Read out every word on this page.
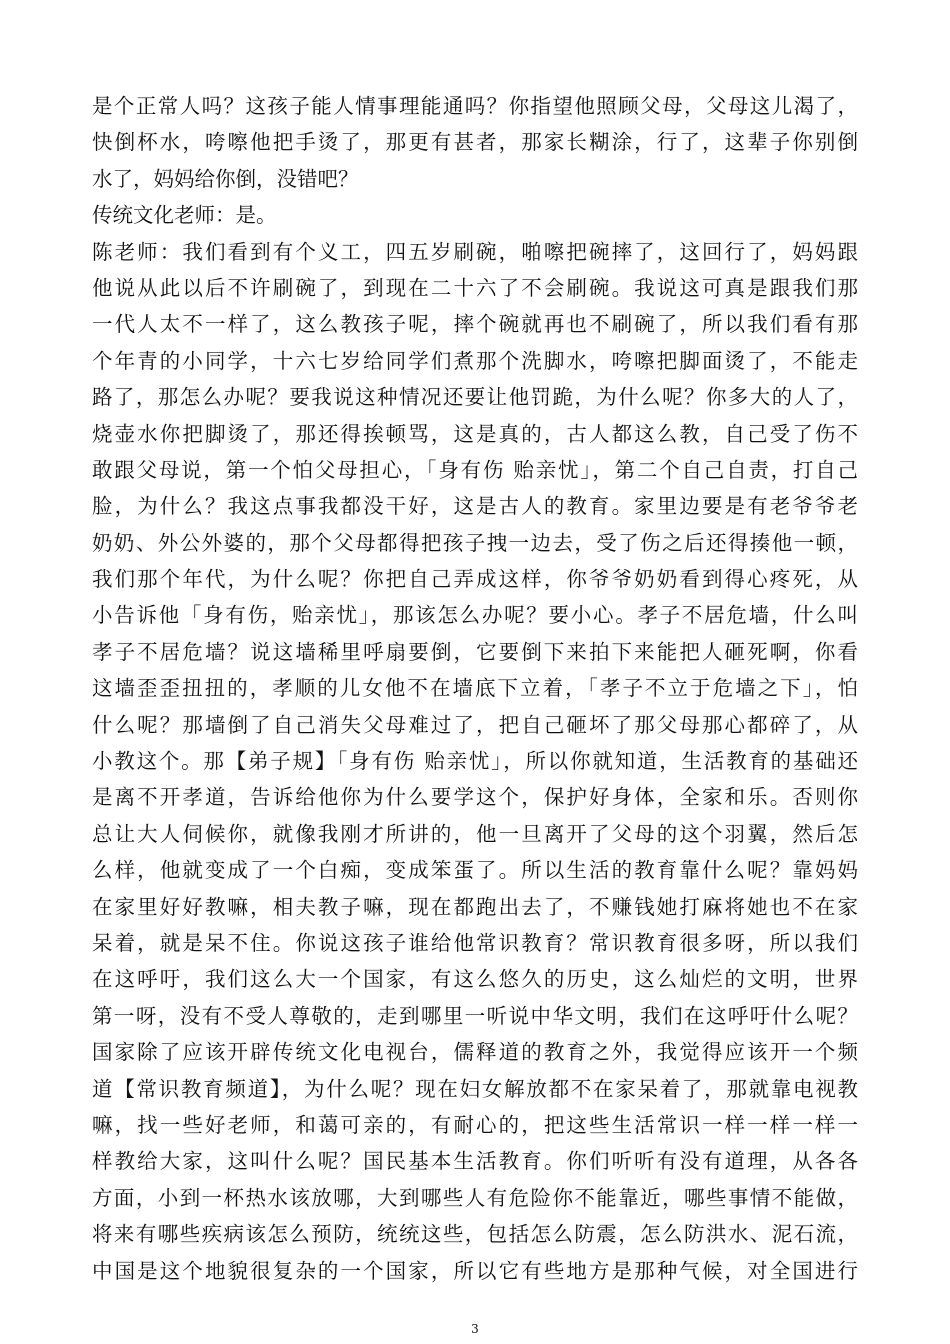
是个正常人吗？这孩子能人情事理能通吗？你指望他照顾父母，父母这儿渴了，
快倒杯水，咵嚓他把手烫了，那更有甚者，那家长糊涂，行了，这辈子你别倒
水了，妈妈给你倒，没错吧？
传统文化老师：是。
陈老师：我们看到有个义工，四五岁刷碗，啪嚓把碗摔了，这回行了，妈妈跟
他说从此以后不许刷碗了，到现在二十六了不会刷碗。我说这可真是跟我们那
一代人太不一样了，这么教孩子呢，摔个碗就再也不刷碗了，所以我们看有那
个年青的小同学，十六七岁给同学们煮那个洗脚水，咵嚓把脚面烫了，不能走
路了，那怎么办呢？要我说这种情况还要让他罚跪，为什么呢？你多大的人了，
烧壶水你把脚烫了，那还得挨顿骂，这是真的，古人都这么教，自己受了伤不
敢跟父母说，第一个怕父母担心，「身有伤 贻亲忧」，第二个自己自责，打自己
脸，为什么？我这点事我都没干好，这是古人的教育。家里边要是有老爷爷老
奶奶、外公外婆的，那个父母都得把孩子拽一边去，受了伤之后还得揍他一顿，
我们那个年代，为什么呢？你把自己弄成这样，你爷爷奶奶看到得心疼死，从
小告诉他「身有伤，贻亲忧」，那该怎么办呢？要小心。孝子不居危墙，什么叫
孝子不居危墙？说这墙稀里呼扇要倒，它要倒下来拍下来能把人砸死啊，你看
这墙歪歪扭扭的，孝顺的儿女他不在墙底下立着，「孝子不立于危墙之下」，怕
什么呢？那墙倒了自己消失父母难过了，把自己砸坏了那父母那心都碎了，从
小教这个。那【弟子规】「身有伤 贻亲忧」，所以你就知道，生活教育的基础还
是离不开孝道，告诉给他你为什么要学这个，保护好身体，全家和乐。否则你
总让大人伺候你，就像我刚才所讲的，他一旦离开了父母的这个羽翼，然后怎
么样，他就变成了一个白痴，变成笨蛋了。所以生活的教育靠什么呢？靠妈妈
在家里好好教嘛，相夫教子嘛，现在都跑出去了，不赚钱她打麻将她也不在家
呆着，就是呆不住。你说这孩子谁给他常识教育？常识教育很多呀，所以我们
在这呼吁，我们这么大一个国家，有这么悠久的历史，这么灿烂的文明，世界
第一呀，没有不受人尊敬的，走到哪里一听说中华文明，我们在这呼吁什么呢？
国家除了应该开辟传统文化电视台，儒释道的教育之外，我觉得应该开一个频
道【常识教育频道】，为什么呢？现在妇女解放都不在家呆着了，那就靠电视教
嘛，找一些好老师，和蔼可亲的，有耐心的，把这些生活常识一样一样一样一
样教给大家，这叫什么呢？国民基本生活教育。你们听听有没有道理，从各各
方面，小到一杯热水该放哪，大到哪些人有危险你不能靠近，哪些事情不能做，
将来有哪些疾病该怎么预防，统统这些，包括怎么防震，怎么防洪水、泥石流，
中国是这个地貌很复杂的一个国家，所以它有些地方是那种气候，对全国进行
3
